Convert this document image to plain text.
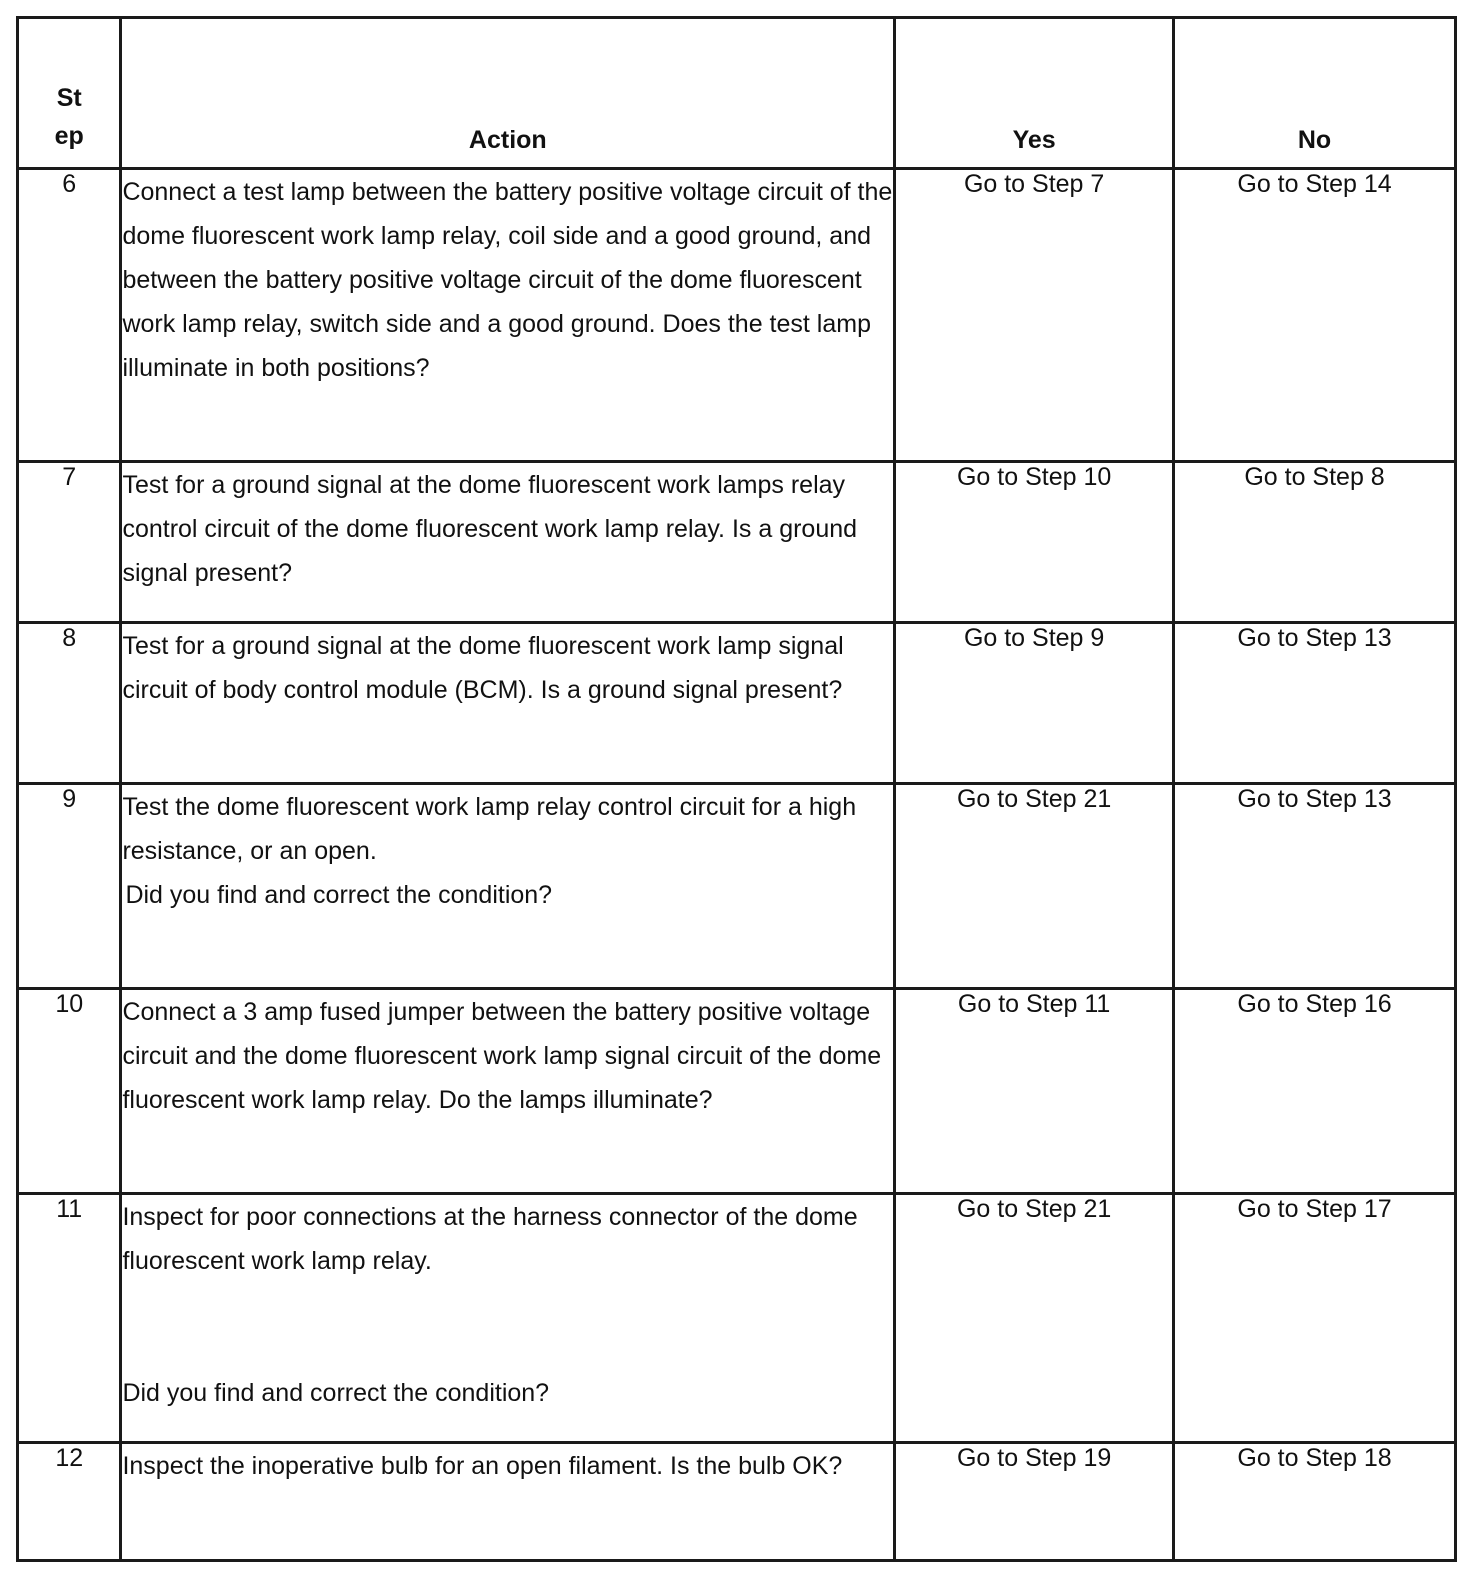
St
ep	Action	Yes	No
6	Connect a test lamp between the battery positive voltage circuit of the dome fluorescent work lamp relay, coil side and a good ground, and between the battery positive voltage circuit of the dome fluorescent work lamp relay, switch side and a good ground. Does the test lamp illuminate in both positions?	Go to Step 7	Go to Step 14
7	Test for a ground signal at the dome fluorescent work lamps relay control circuit of the dome fluorescent work lamp relay. Is a ground signal present?	Go to Step 10	Go to Step 8
8	Test for a ground signal at the dome fluorescent work lamp signal circuit of body control module (BCM). Is a ground signal present?	Go to Step 9	Go to Step 13
9	Test the dome fluorescent work lamp relay control circuit for a high resistance, or an open.
Did you find and correct the condition?	Go to Step 21	Go to Step 13
10	Connect a 3 amp fused jumper between the battery positive voltage circuit and the dome fluorescent work lamp signal circuit of the dome fluorescent work lamp relay. Do the lamps illuminate?	Go to Step 11	Go to Step 16
11	Inspect for poor connections at the harness connector of the dome fluorescent work lamp relay.
Did you find and correct the condition?	Go to Step 21	Go to Step 17
12	Inspect the inoperative bulb for an open filament. Is the bulb OK?	Go to Step 19	Go to Step 18
